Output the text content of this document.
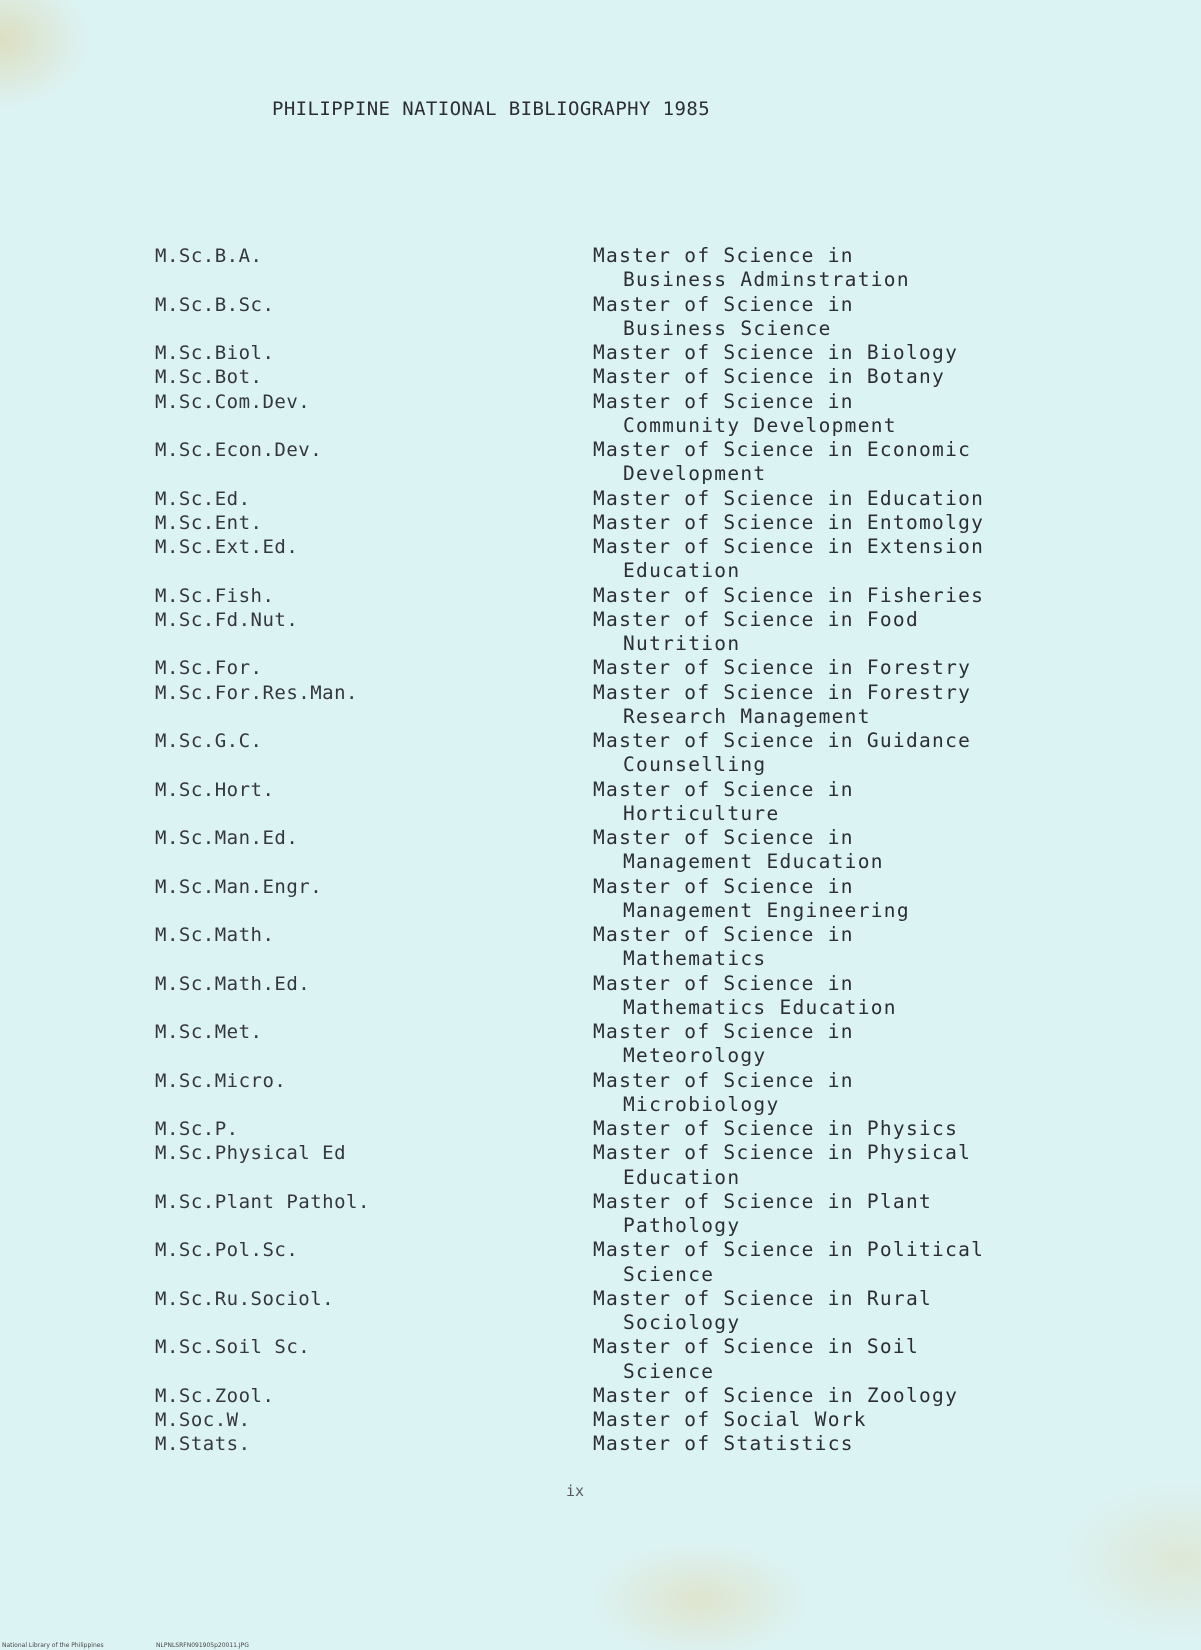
PHILIPPINE NATIONAL BIBLIOGRAPHY 1985
M.Sc.B.A.	Master of Science in
Business Adminstration
M.Sc.B.Sc.	Master of Science in
Business Science
M.Sc.Biol.	Master of Science in Biology
M.Sc.Bot.	Master of Science in Botany
M.Sc.Com.Dev.	Master of Science in
Community Development
M.Sc.Econ.Dev.	Master of Science in Economic
Development
M.Sc.Ed.	Master of Science in Education
M.Sc.Ent.	Master of Science in Entomolgy
M.Sc.Ext.Ed.	Master of Science in Extension
Education
M.Sc.Fish.	Master of Science in Fisheries
M.Sc.Fd.Nut.	Master of Science in Food
Nutrition
M.Sc.For.	Master of Science in Forestry
M.Sc.For.Res.Man.	Master of Science in Forestry
Research Management
M.Sc.G.C.	Master of Science in Guidance
Counselling
M.Sc.Hort.	Master of Science in
Horticulture
M.Sc.Man.Ed.	Master of Science in
Management Education
M.Sc.Man.Engr.	Master of Science in
Management Engineering
M.Sc.Math.	Master of Science in
Mathematics
M.Sc.Math.Ed.	Master of Science in
Mathematics Education
M.Sc.Met.	Master of Science in
Meteorology
M.Sc.Micro.	Master of Science in
Microbiology
M.Sc.P.	Master of Science in Physics
M.Sc.Physical Ed	Master of Science in Physical
Education
M.Sc.Plant Pathol.	Master of Science in Plant
Pathology
M.Sc.Pol.Sc.	Master of Science in Political
Science
M.Sc.Ru.Sociol.	Master of Science in Rural
Sociology
M.Sc.Soil Sc.	Master of Science in Soil
Science
M.Sc.Zool.	Master of Science in Zoology
M.Soc.W.	Master of Social Work
M.Stats.	Master of Statistics
ix
National Library of the Philippines	NLPNLSRFN091905p20011.JPG
